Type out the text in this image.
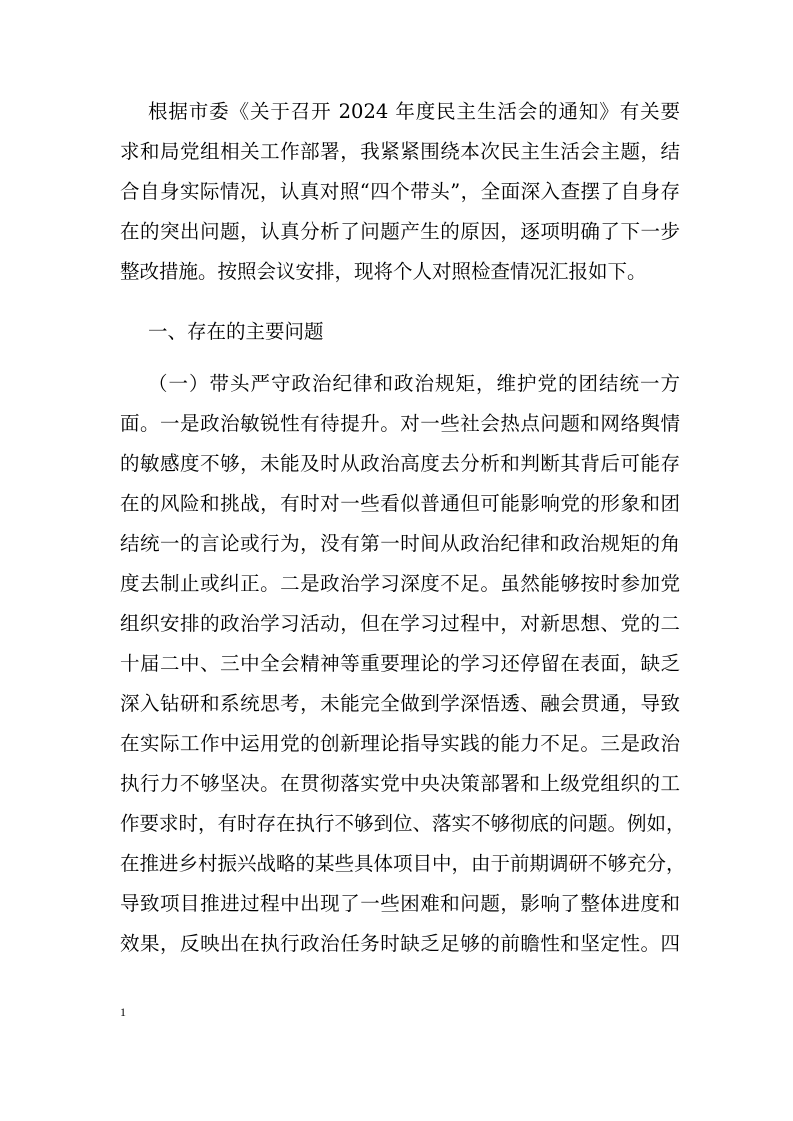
根据市委《关于召开 2024 年度民主生活会的通知》有关要
求和局党组相关工作部署，我紧紧围绕本次民主生活会主题，结
合自身实际情况，认真对照“四个带头”，全面深入查摆了自身存
在的突出问题，认真分析了问题产生的原因，逐项明确了下一步
整改措施。按照会议安排，现将个人对照检查情况汇报如下。
一、存在的主要问题
（一）带头严守政治纪律和政治规矩，维护党的团结统一方
面。一是政治敏锐性有待提升。对一些社会热点问题和网络舆情
的敏感度不够，未能及时从政治高度去分析和判断其背后可能存
在的风险和挑战，有时对一些看似普通但可能影响党的形象和团
结统一的言论或行为，没有第一时间从政治纪律和政治规矩的角
度去制止或纠正。二是政治学习深度不足。虽然能够按时参加党
组织安排的政治学习活动，但在学习过程中，对新思想、党的二
十届二中、三中全会精神等重要理论的学习还停留在表面，缺乏
深入钻研和系统思考，未能完全做到学深悟透、融会贯通，导致
在实际工作中运用党的创新理论指导实践的能力不足。三是政治
执行力不够坚决。在贯彻落实党中央决策部署和上级党组织的工
作要求时，有时存在执行不够到位、落实不够彻底的问题。例如，
在推进乡村振兴战略的某些具体项目中，由于前期调研不够充分，
导致项目推进过程中出现了一些困难和问题，影响了整体进度和
效果，反映出在执行政治任务时缺乏足够的前瞻性和坚定性。四
1
